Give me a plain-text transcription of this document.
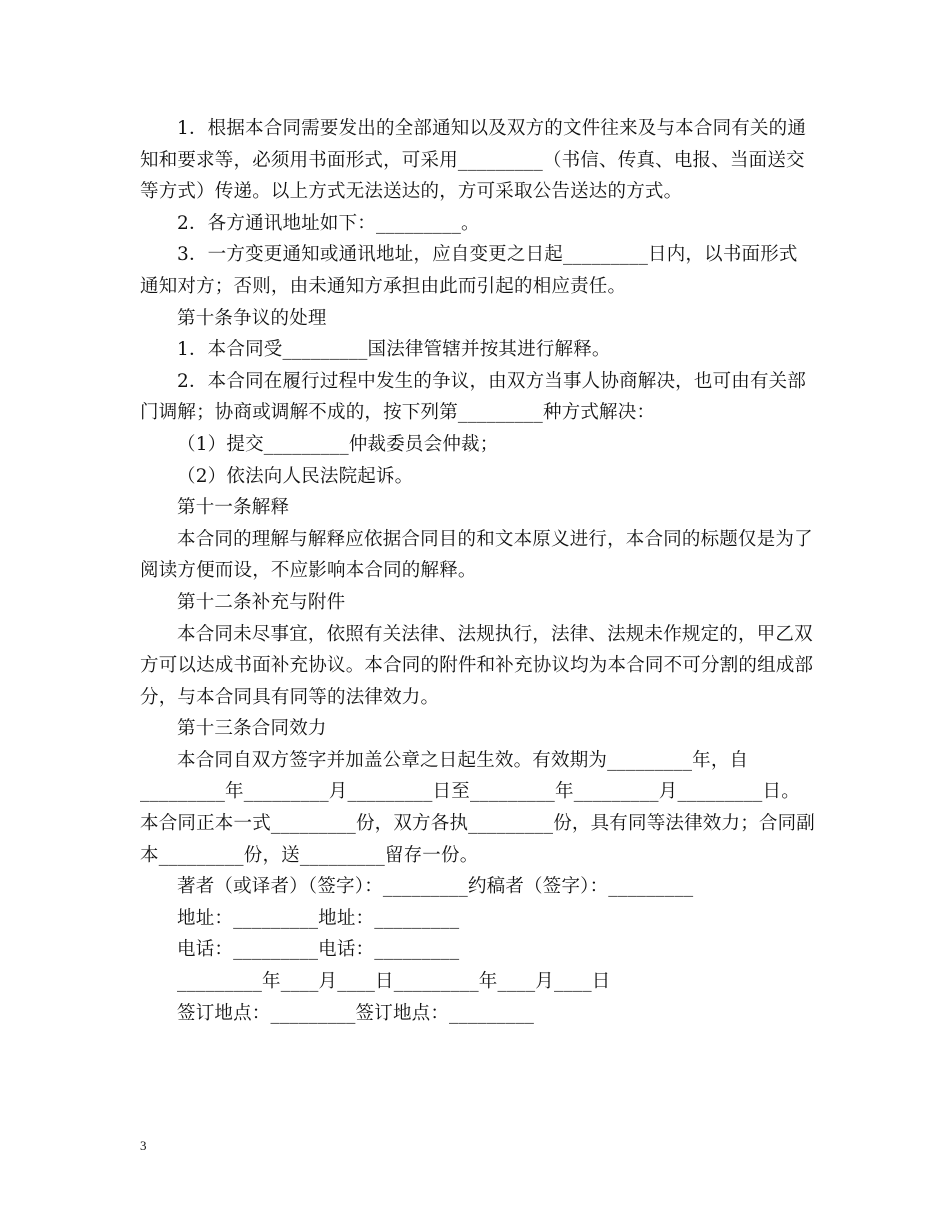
1．根据本合同需要发出的全部通知以及双方的文件往来及与本合同有关的通知和要求等，必须用书面形式，可采用_________（书信、传真、电报、当面送交等方式）传递。以上方式无法送达的，方可采取公告送达的方式。

2．各方通讯地址如下：_________。

3．一方变更通知或通讯地址，应自变更之日起_________日内，以书面形式通知对方；否则，由未通知方承担由此而引起的相应责任。

第十条争议的处理

1．本合同受_________国法律管辖并按其进行解释。

2．本合同在履行过程中发生的争议，由双方当事人协商解决，也可由有关部门调解；协商或调解不成的，按下列第_________种方式解决：

（1）提交_________仲裁委员会仲裁；

（2）依法向人民法院起诉。

第十一条解释

本合同的理解与解释应依据合同目的和文本原义进行，本合同的标题仅是为了阅读方便而设，不应影响本合同的解释。

第十二条补充与附件

本合同未尽事宜，依照有关法律、法规执行，法律、法规未作规定的，甲乙双方可以达成书面补充协议。本合同的附件和补充协议均为本合同不可分割的组成部分，与本合同具有同等的法律效力。

第十三条合同效力

本合同自双方签字并加盖公章之日起生效。有效期为_________年，自_________年_________月_________日至_________年_________月_________日。本合同正本一式_________份，双方各执_________份，具有同等法律效力；合同副本_________份，送_________留存一份。

著者（或译者）（签字）：_________约稿者（签字）：_________

地址：_________地址：_________

电话：_________电话：_________

_________年____月____日_________年____月____日

签订地点：_________签订地点：_________

3
